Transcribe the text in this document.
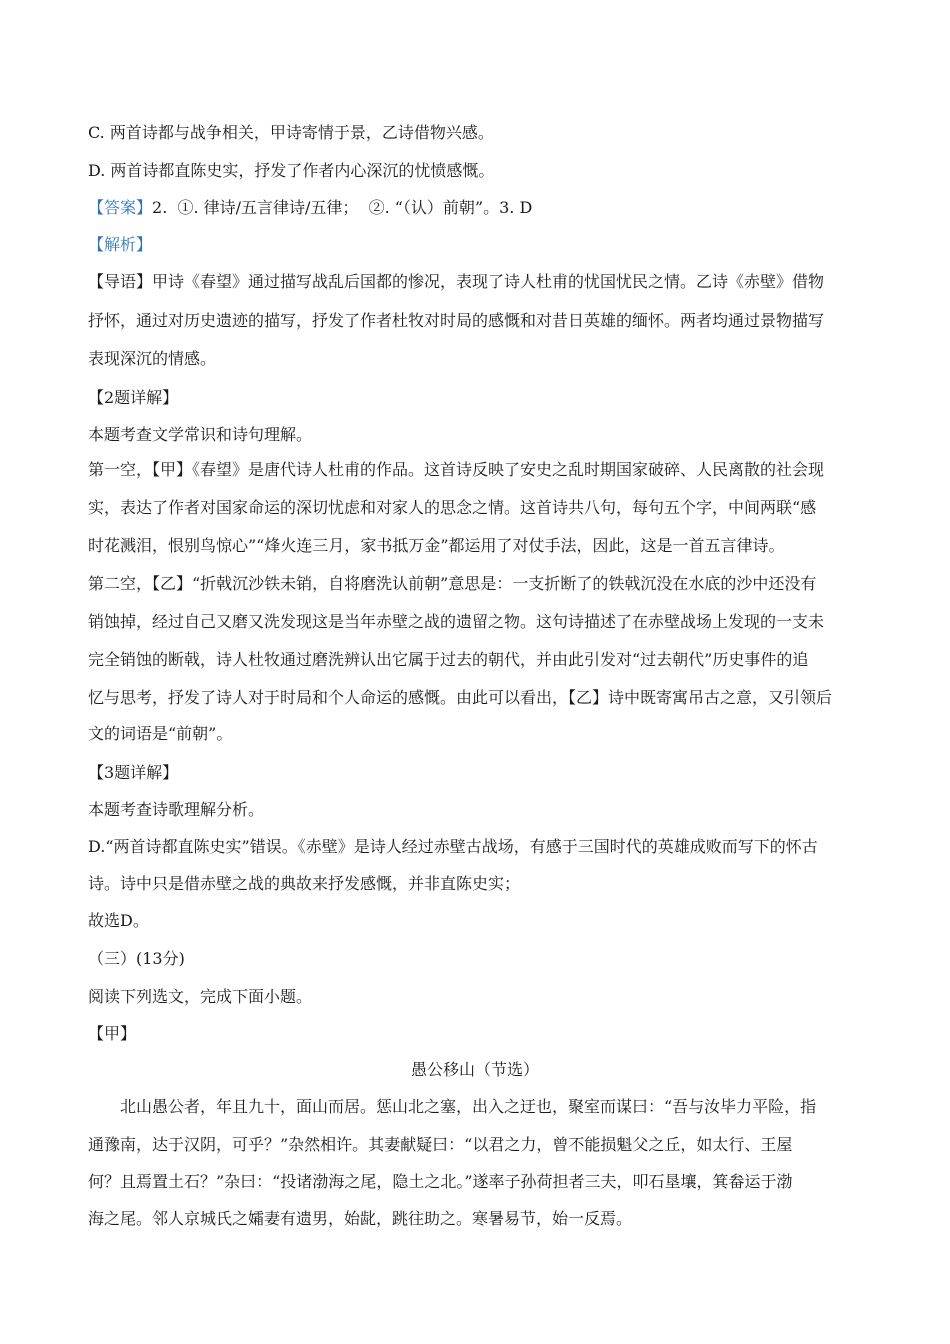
C. 两首诗都与战争相关，甲诗寄情于景，乙诗借物兴感。
D. 两首诗都直陈史实，抒发了作者内心深沉的忧愤感慨。
【答案】2.  ①. 律诗/五言律诗/五律；  ②. “（认）前朝”。3. D
【解析】
【导语】甲诗《春望》通过描写战乱后国都的惨况，表现了诗人杜甫的忧国忧民之情。乙诗《赤壁》借物
抒怀，通过对历史遗迹的描写，抒发了作者杜牧对时局的感慨和对昔日英雄的缅怀。两者均通过景物描写
表现深沉的情感。
【2题详解】
本题考查文学常识和诗句理解。
第一空，【甲】《春望》是唐代诗人杜甫的作品。这首诗反映了安史之乱时期国家破碎、人民离散的社会现
实，表达了作者对国家命运的深切忧虑和对家人的思念之情。这首诗共八句，每句五个字，中间两联“感
时花溅泪，恨别鸟惊心”“烽火连三月，家书抵万金”都运用了对仗手法，因此，这是一首五言律诗。
第二空，【乙】“折戟沉沙铁未销，自将磨洗认前朝”意思是：一支折断了的铁戟沉没在水底的沙中还没有
销蚀掉，经过自己又磨又洗发现这是当年赤壁之战的遗留之物。这句诗描述了在赤壁战场上发现的一支未
完全销蚀的断戟，诗人杜牧通过磨洗辨认出它属于过去的朝代，并由此引发对“过去朝代”历史事件的追
忆与思考，抒发了诗人对于时局和个人命运的感慨。由此可以看出，【乙】诗中既寄寓吊古之意，又引领后
文的词语是“前朝”。
【3题详解】
本题考查诗歌理解分析。
D.“两首诗都直陈史实”错误。《赤壁》是诗人经过赤壁古战场，有感于三国时代的英雄成败而写下的怀古
诗。诗中只是借赤壁之战的典故来抒发感慨，并非直陈史实；
故选D。
（三）(13分)
阅读下列选文，完成下面小题。
【甲】
愚公移山（节选）
北山愚公者，年且九十，面山而居。惩山北之塞，出入之迂也，聚室而谋曰：“吾与汝毕力平险，指
通豫南，达于汉阴，可乎？”杂然相许。其妻献疑曰：“以君之力，曾不能损魁父之丘，如太行、王屋
何？且焉置土石？”杂曰：“投诸渤海之尾，隐土之北。”遂率子孙荷担者三夫，叩石垦壤，箕畚运于渤
海之尾。邻人京城氏之孀妻有遗男，始龀，跳往助之。寒暑易节，始一反焉。
